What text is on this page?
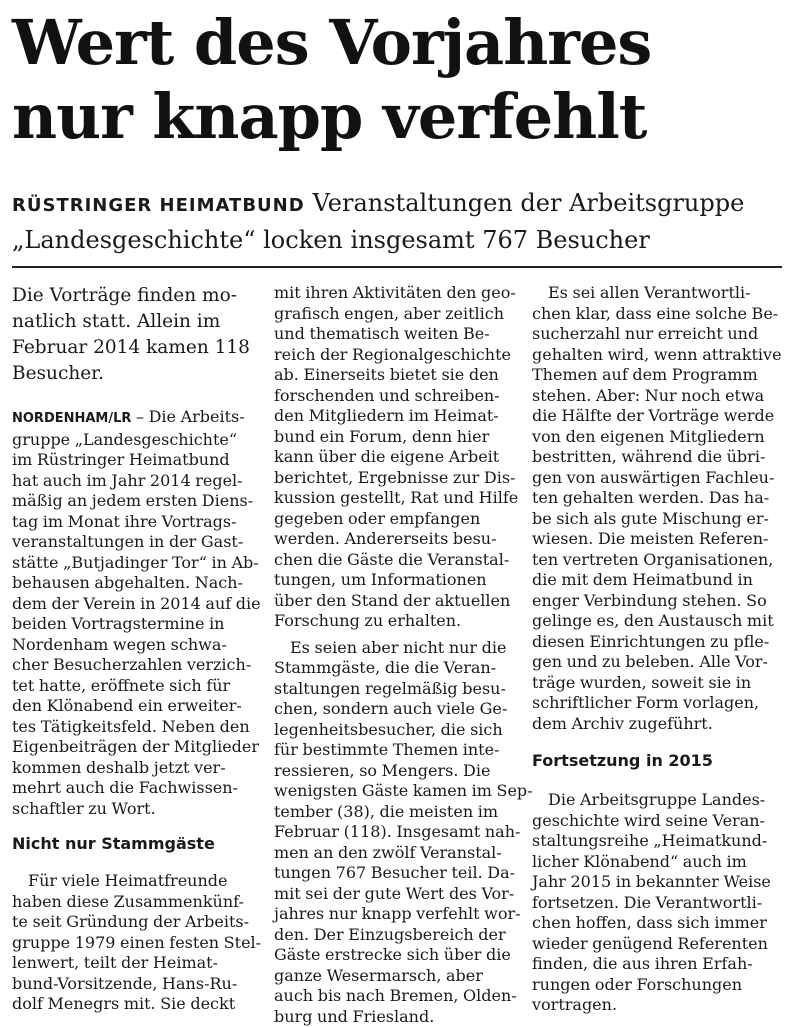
Wert des Vorjahres
nur knapp verfehlt
RÜSTRINGER HEIMATBUND Veranstaltungen der Arbeitsgruppe
„Landesgeschichte“ locken insgesamt 767 Besucher
Die Vorträge finden mo-
natlich statt. Allein im
Februar 2014 kamen 118
Besucher.
NORDENHAM/LR – Die Arbeits-
gruppe „Landesgeschichte“
im Rüstringer Heimatbund
hat auch im Jahr 2014 regel-
mäßig an jedem ersten Diens-
tag im Monat ihre Vortrags-
veranstaltungen in der Gast-
stätte „Butjadinger Tor“ in Ab-
behausen abgehalten. Nach-
dem der Verein in 2014 auf die
beiden Vortragstermine in
Nordenham wegen schwa-
cher Besucherzahlen verzich-
tet hatte, eröffnete sich für
den Klönabend ein erweiter-
tes Tätigkeitsfeld. Neben den
Eigenbeiträgen der Mitglieder
kommen deshalb jetzt ver-
mehrt auch die Fachwissen-
schaftler zu Wort.
Nicht nur Stammgäste
Für viele Heimatfreunde
haben diese Zusammenkünf-
te seit Gründung der Arbeits-
gruppe 1979 einen festen Stel-
lenwert, teilt der Heimat-
bund-Vorsitzende, Hans-Ru-
dolf Menegrs mit. Sie deckt
mit ihren Aktivitäten den geo-
grafisch engen, aber zeitlich
und thematisch weiten Be-
reich der Regionalgeschichte
ab. Einerseits bietet sie den
forschenden und schreiben-
den Mitgliedern im Heimat-
bund ein Forum, denn hier
kann über die eigene Arbeit
berichtet, Ergebnisse zur Dis-
kussion gestellt, Rat und Hilfe
gegeben oder empfangen
werden. Andererseits besu-
chen die Gäste die Veranstal-
tungen, um Informationen
über den Stand der aktuellen
Forschung zu erhalten.
Es seien aber nicht nur die
Stammgäste, die die Veran-
staltungen regelmäßig besu-
chen, sondern auch viele Ge-
legenheitsbesucher, die sich
für bestimmte Themen inte-
ressieren, so Mengers. Die
wenigsten Gäste kamen im Sep-
tember (38), die meisten im
Februar (118). Insgesamt nah-
men an den zwölf Veranstal-
tungen 767 Besucher teil. Da-
mit sei der gute Wert des Vor-
jahres nur knapp verfehlt wor-
den. Der Einzugsbereich der
Gäste erstrecke sich über die
ganze Wesermarsch, aber
auch bis nach Bremen, Olden-
burg und Friesland.
Es sei allen Verantwortli-
chen klar, dass eine solche Be-
sucherzahl nur erreicht und
gehalten wird, wenn attraktive
Themen auf dem Programm
stehen. Aber: Nur noch etwa
die Hälfte der Vorträge werde
von den eigenen Mitgliedern
bestritten, während die übri-
gen von auswärtigen Fachleu-
ten gehalten werden. Das ha-
be sich als gute Mischung er-
wiesen. Die meisten Referen-
ten vertreten Organisationen,
die mit dem Heimatbund in
enger Verbindung stehen. So
gelinge es, den Austausch mit
diesen Einrichtungen zu pfle-
gen und zu beleben. Alle Vor-
träge wurden, soweit sie in
schriftlicher Form vorlagen,
dem Archiv zugeführt.
Fortsetzung in 2015
Die Arbeitsgruppe Landes-
geschichte wird seine Veran-
staltungsreihe „Heimatkund-
licher Klönabend“ auch im
Jahr 2015 in bekannter Weise
fortsetzen. Die Verantwortli-
chen hoffen, dass sich immer
wieder genügend Referenten
finden, die aus ihren Erfah-
rungen oder Forschungen
vortragen.
